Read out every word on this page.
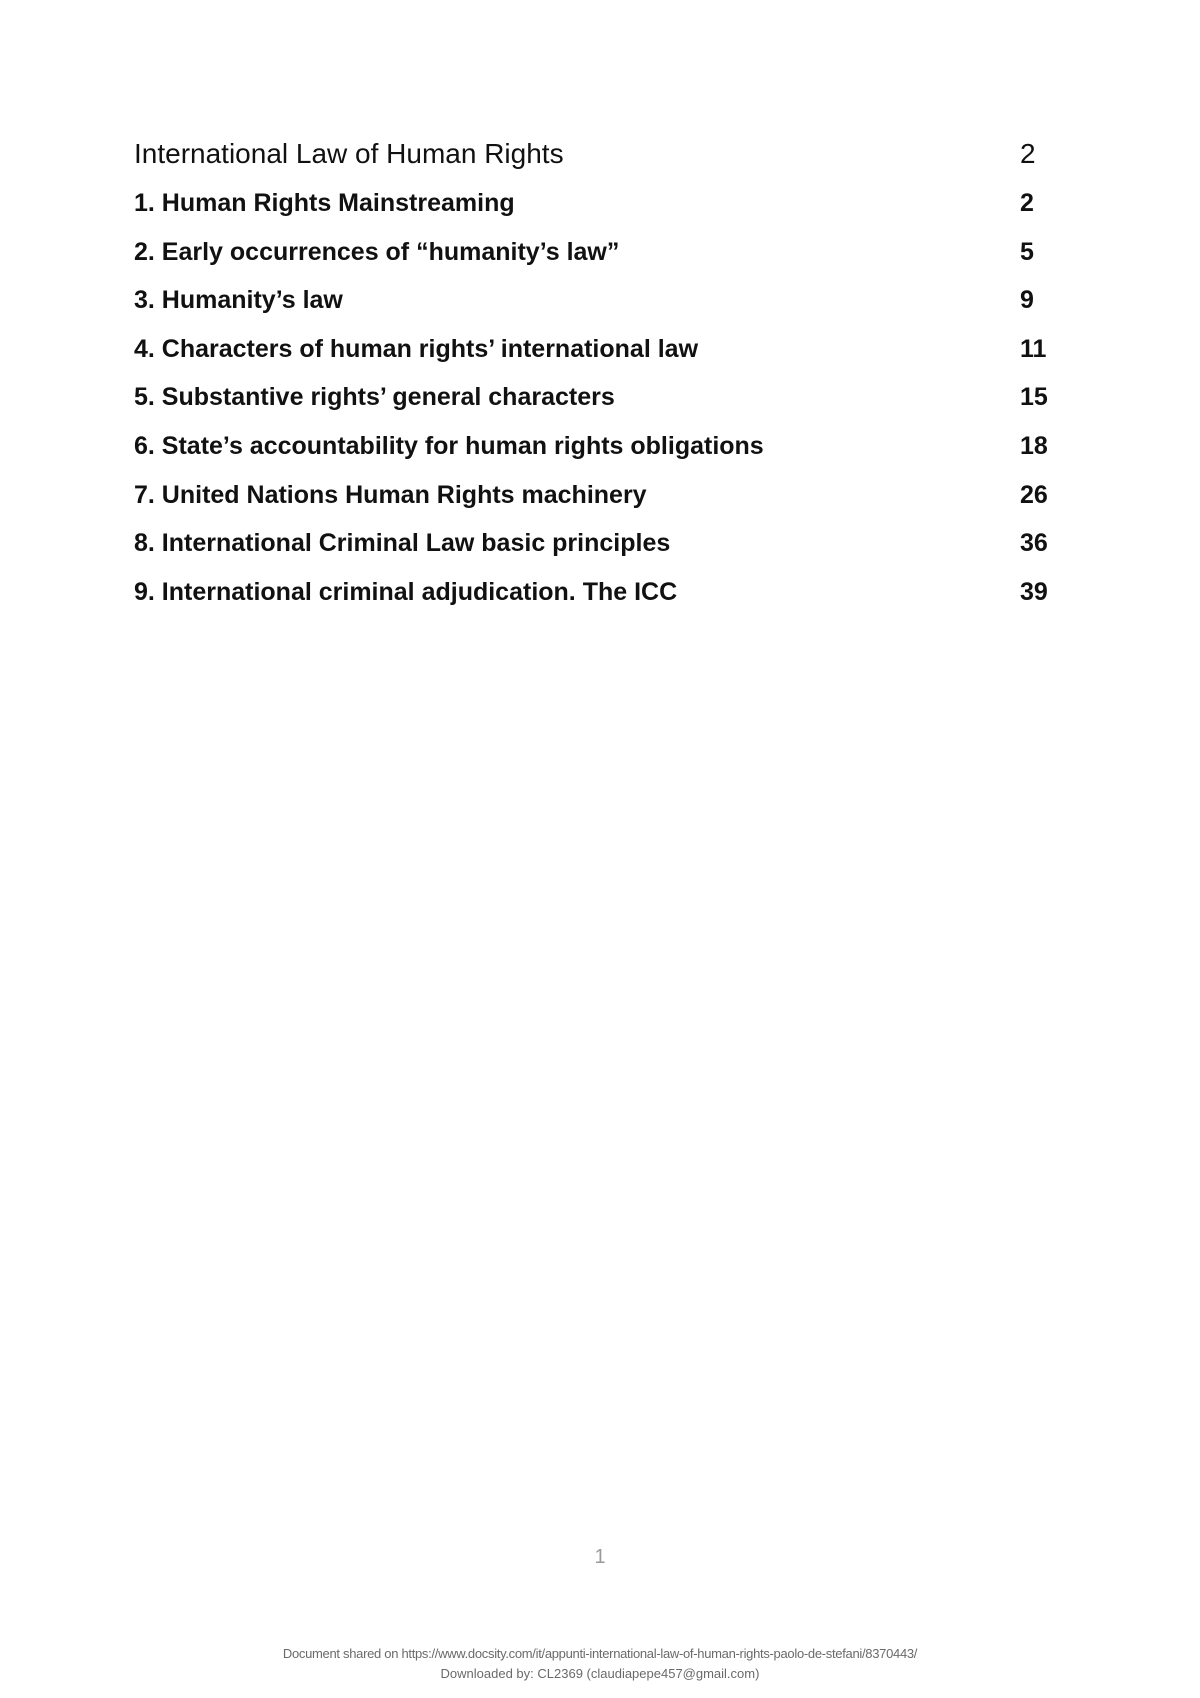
International Law of Human Rights	2
1. Human Rights Mainstreaming	2
2. Early occurrences of “humanity’s law”	5
3. Humanity’s law	9
4. Characters of human rights’ international law	11
5. Substantive rights’ general characters	15
6. State’s accountability for human rights obligations	18
7. United Nations Human Rights machinery	26
8. International Criminal Law basic principles	36
9. International criminal adjudication. The ICC	39
1
Document shared on https://www.docsity.com/it/appunti-international-law-of-human-rights-paolo-de-stefani/8370443/
Downloaded by: CL2369 (claudiapepe457@gmail.com)
